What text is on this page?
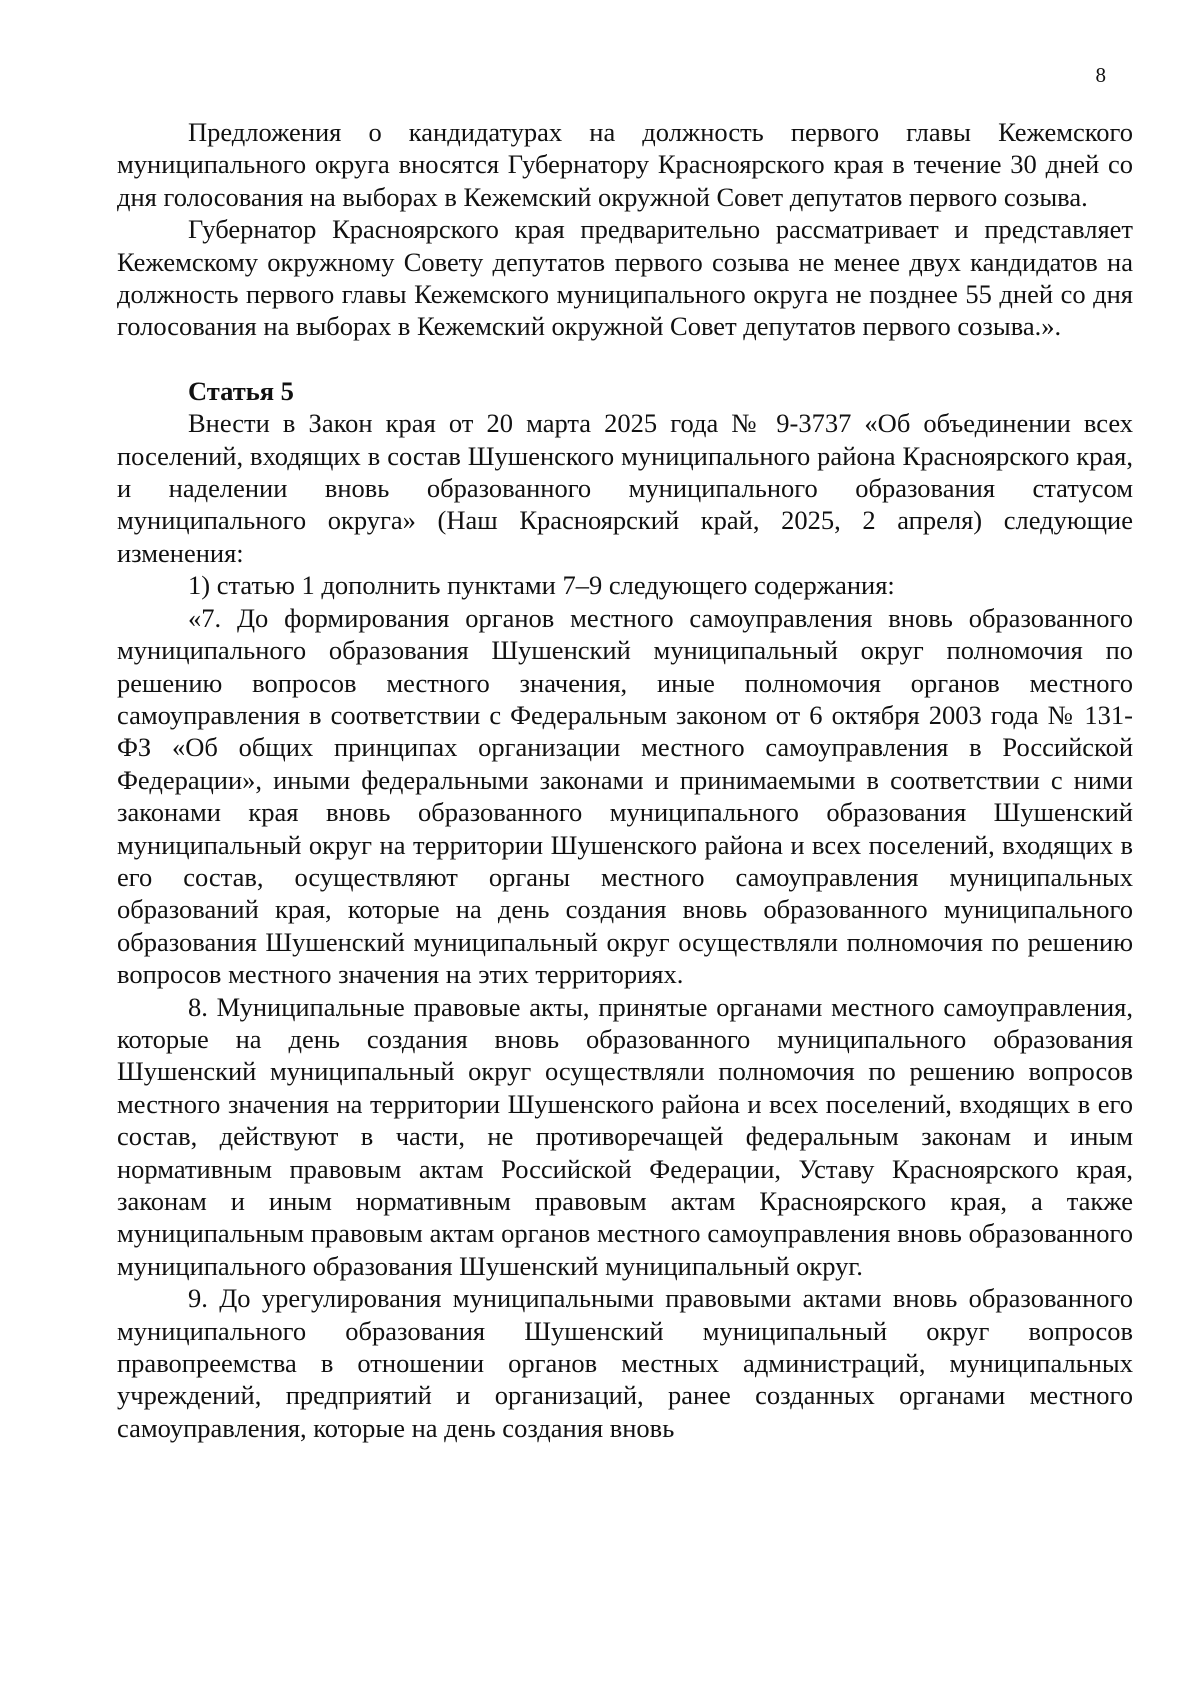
8

Предложения о кандидатурах на должность первого главы Кежемского муниципального округа вносятся Губернатору Красноярского края в течение 30 дней со дня голосования на выборах в Кежемский окружной Совет депутатов первого созыва.

Губернатор Красноярского края предварительно рассматривает и представляет Кежемскому окружному Совету депутатов первого созыва не менее двух кандидатов на должность первого главы Кежемского муниципального округа не позднее 55 дней со дня голосования на выборах в Кежемский окружной Совет депутатов первого созыва.».

Статья 5

Внести в Закон края от 20 марта 2025 года № 9-3737 «Об объединении всех поселений, входящих в состав Шушенского муниципального района Красноярского края, и наделении вновь образованного муниципального образования статусом муниципального округа» (Наш Красноярский край, 2025, 2 апреля) следующие изменения:

1) статью 1 дополнить пунктами 7–9 следующего содержания:

«7. До формирования органов местного самоуправления вновь образованного муниципального образования Шушенский муниципальный округ полномочия по решению вопросов местного значения, иные полномочия органов местного самоуправления в соответствии с Федеральным законом от 6 октября 2003 года № 131-ФЗ «Об общих принципах организации местного самоуправления в Российской Федерации», иными федеральными законами и принимаемыми в соответствии с ними законами края вновь образованного муниципального образования Шушенский муниципальный округ на территории Шушенского района и всех поселений, входящих в его состав, осуществляют органы местного самоуправления муниципальных образований края, которые на день создания вновь образованного муниципального образования Шушенский муниципальный округ осуществляли полномочия по решению вопросов местного значения на этих территориях.

8. Муниципальные правовые акты, принятые органами местного самоуправления, которые на день создания вновь образованного муниципального образования Шушенский муниципальный округ осуществляли полномочия по решению вопросов местного значения на территории Шушенского района и всех поселений, входящих в его состав, действуют в части, не противоречащей федеральным законам и иным нормативным правовым актам Российской Федерации, Уставу Красноярского края, законам и иным нормативным правовым актам Красноярского края, а также муниципальным правовым актам органов местного самоуправления вновь образованного муниципального образования Шушенский муниципальный округ.

9. До урегулирования муниципальными правовыми актами вновь образованного муниципального образования Шушенский муниципальный округ вопросов правопреемства в отношении органов местных администраций, муниципальных учреждений, предприятий и организаций, ранее созданных органами местного самоуправления, которые на день создания вновь
